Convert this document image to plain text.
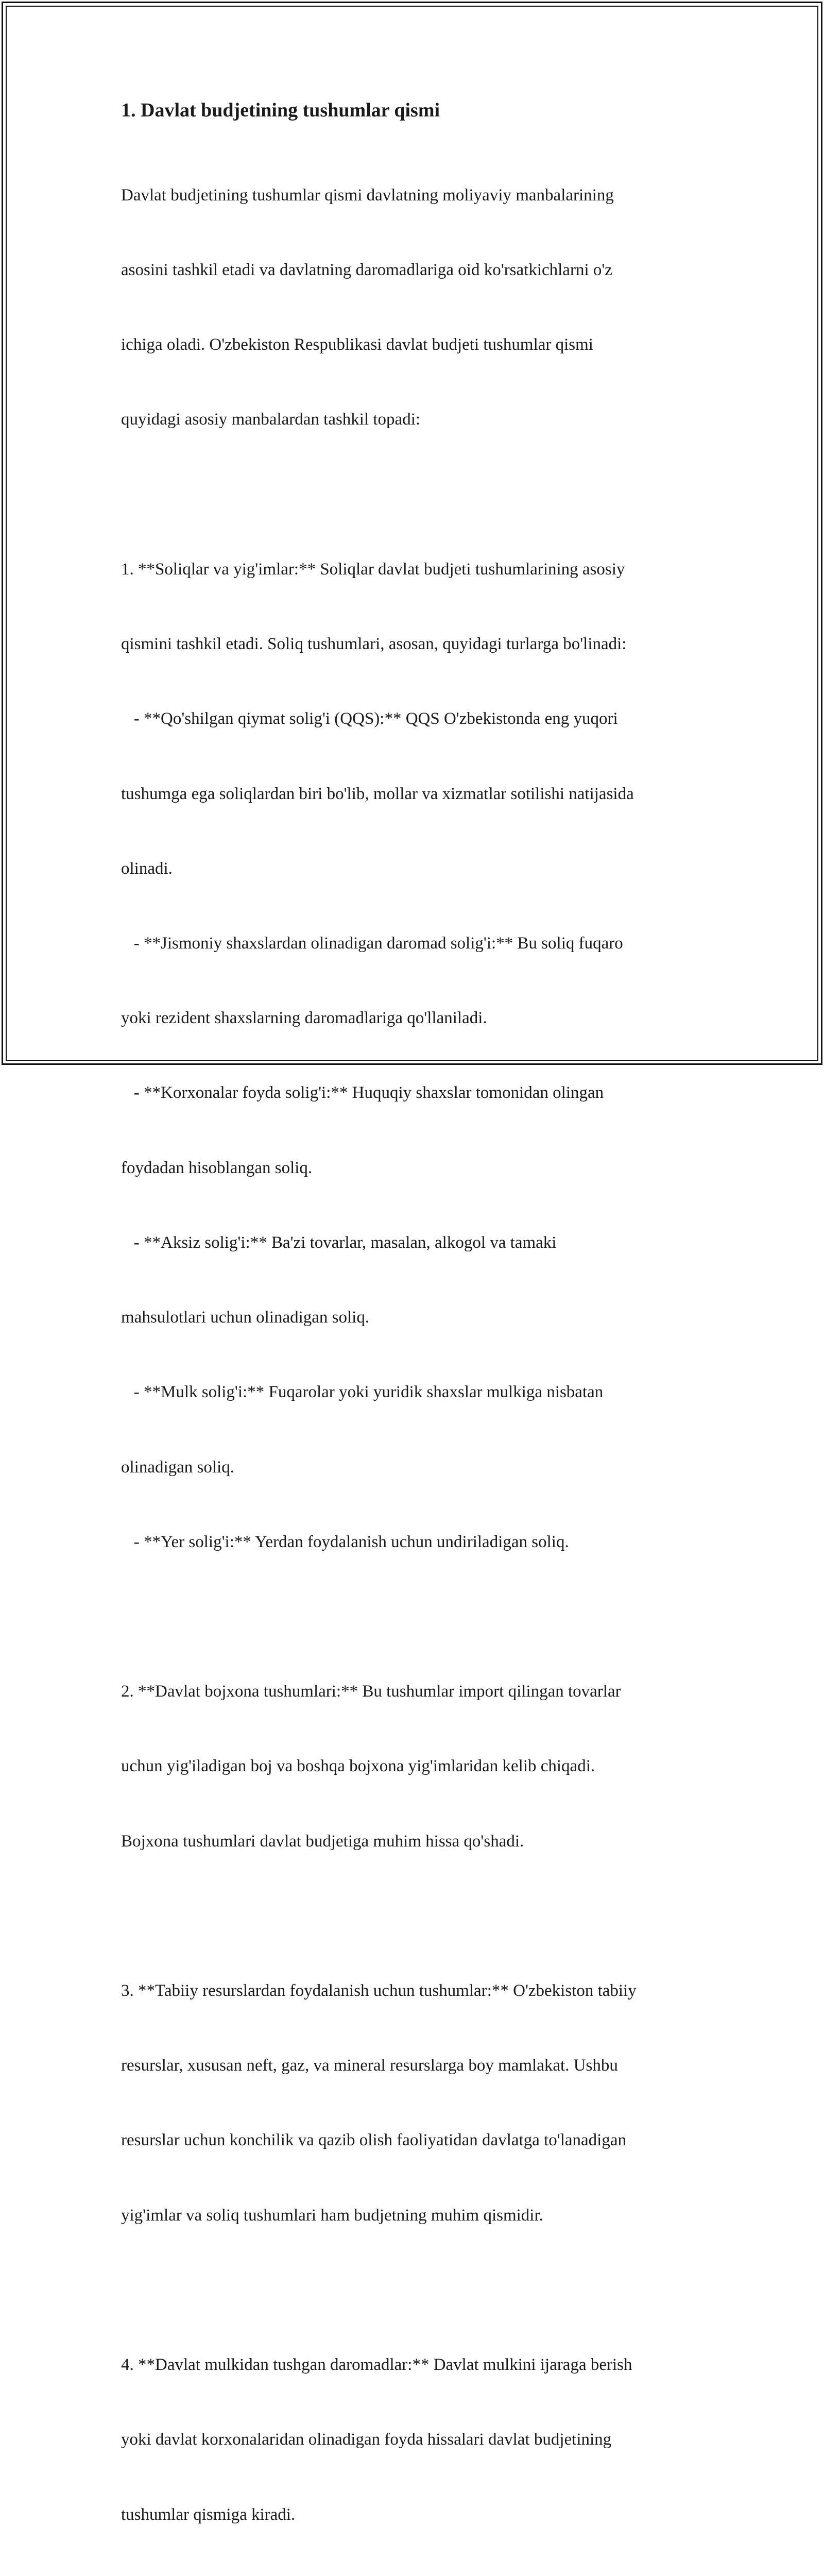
1. Davlat budjetining tushumlar qismi

Davlat budjetining tushumlar qismi davlatning moliyaviy manbalarining

asosini tashkil etadi va davlatning daromadlariga oid ko'rsatkichlarni o'z

ichiga oladi. O'zbekiston Respublikasi davlat budjeti tushumlar qismi

quyidagi asosiy manbalardan tashkil topadi:

1. **Soliqlar va yig'imlar:** Soliqlar davlat budjeti tushumlarining asosiy

qismini tashkil etadi. Soliq tushumlari, asosan, quyidagi turlarga bo'linadi:

- **Qo'shilgan qiymat solig'i (QQS):** QQS O'zbekistonda eng yuqori

tushumga ega soliqlardan biri bo'lib, mollar va xizmatlar sotilishi natijasida

olinadi.

- **Jismoniy shaxslardan olinadigan daromad solig'i:** Bu soliq fuqaro

yoki rezident shaxslarning daromadlariga qo'llaniladi.

- **Korxonalar foyda solig'i:** Huquqiy shaxslar tomonidan olingan

foydadan hisoblangan soliq.

- **Aksiz solig'i:** Ba'zi tovarlar, masalan, alkogol va tamaki

mahsulotlari uchun olinadigan soliq.

- **Mulk solig'i:** Fuqarolar yoki yuridik shaxslar mulkiga nisbatan

olinadigan soliq.

- **Yer solig'i:** Yerdan foydalanish uchun undiriladigan soliq.

2. **Davlat bojxona tushumlari:** Bu tushumlar import qilingan tovarlar

uchun yig'iladigan boj va boshqa bojxona yig'imlaridan kelib chiqadi.

Bojxona tushumlari davlat budjetiga muhim hissa qo'shadi.

3. **Tabiiy resurslardan foydalanish uchun tushumlar:** O'zbekiston tabiiy

resurslar, xususan neft, gaz, va mineral resurslarga boy mamlakat. Ushbu

resurslar uchun konchilik va qazib olish faoliyatidan davlatga to'lanadigan

yig'imlar va soliq tushumlari ham budjetning muhim qismidir.

4. **Davlat mulkidan tushgan daromadlar:** Davlat mulkini ijaraga berish

yoki davlat korxonalaridan olinadigan foyda hissalari davlat budjetining

tushumlar qismiga kiradi.
